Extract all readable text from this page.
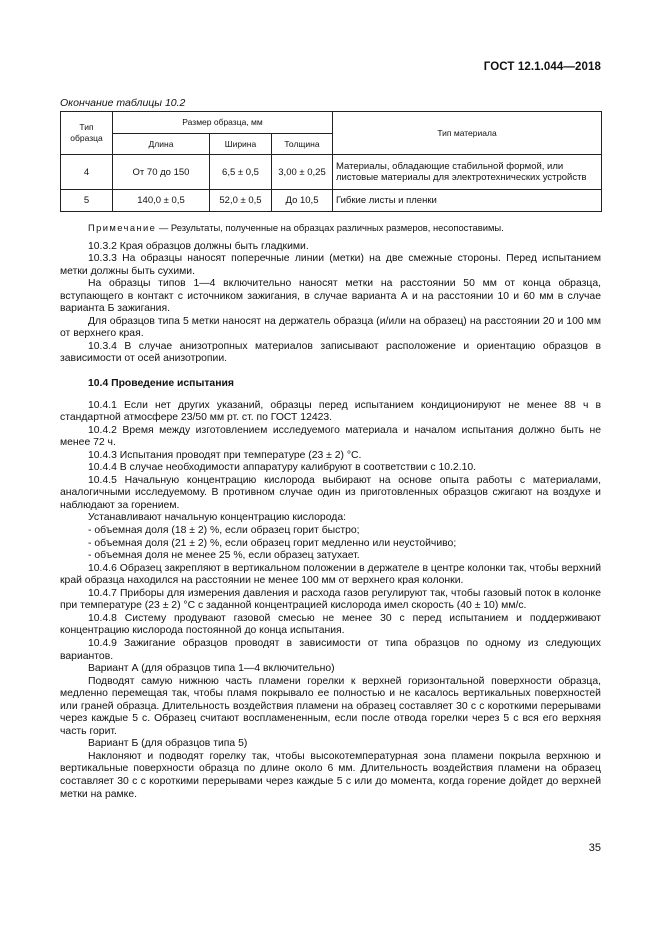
ГОСТ 12.1.044—2018
Окончание таблицы 10.2
Тип образца	Размер образца, мм			Тип материала
	Длина	Ширина	Толщина	
4	От 70 до 150	6,5 ± 0,5	3,00 ± 0,25	Материалы, обладающие стабильной формой, или листовые материалы для электротехнических устройств
5	140,0 ± 0,5	52,0 ± 0,5	До 10,5	Гибкие листы и пленки

Примечание — Результаты, полученные на образцах различных размеров, несопоставимы.

10.3.2 Края образцов должны быть гладкими.

10.3.3 На образцы наносят поперечные линии (метки) на две смежные стороны. Перед испытанием метки должны быть сухими.

На образцы типов 1—4 включительно наносят метки на расстоянии 50 мм от конца образца, вступающего в контакт с источником зажигания, в случае варианта А и на расстоянии 10 и 60 мм в случае варианта Б зажигания.

Для образцов типа 5 метки наносят на держатель образца (и/или на образец) на расстоянии 20 и 100 мм от верхнего края.

10.3.4 В случае анизотропных материалов записывают расположение и ориентацию образцов в зависимости от осей анизотропии.

10.4 Проведение испытания

10.4.1 Если нет других указаний, образцы перед испытанием кондиционируют не менее 88 ч в стандартной атмосфере 23/50 мм рт. ст. по ГОСТ 12423.

10.4.2 Время между изготовлением исследуемого материала и началом испытания должно быть не менее 72 ч.

10.4.3 Испытания проводят при температуре (23 ± 2) °С.

10.4.4 В случае необходимости аппаратуру калибруют в соответствии с 10.2.10.

10.4.5 Начальную концентрацию кислорода выбирают на основе опыта работы с материалами, аналогичными исследуемому. В противном случае один из приготовленных образцов сжигают на воздухе и наблюдают за горением.

Устанавливают начальную концентрацию кислорода:

- объемная доля (18 ± 2) %, если образец горит быстро;

- объемная доля (21 ± 2) %, если образец горит медленно или неустойчиво;

- объемная доля не менее 25 %, если образец затухает.

10.4.6 Образец закрепляют в вертикальном положении в держателе в центре колонки так, чтобы верхний край образца находился на расстоянии не менее 100 мм от верхнего края колонки.

10.4.7 Приборы для измерения давления и расхода газов регулируют так, чтобы газовый поток в колонке при температуре (23 ± 2) °С с заданной концентрацией кислорода имел скорость (40 ± 10) мм/с.

10.4.8 Систему продувают газовой смесью не менее 30 с перед испытанием и поддерживают концентрацию кислорода постоянной до конца испытания.

10.4.9 Зажигание образцов проводят в зависимости от типа образцов по одному из следующих вариантов.

Вариант А (для образцов типа 1—4 включительно)

Подводят самую нижнюю часть пламени горелки к верхней горизонтальной поверхности образца, медленно перемещая так, чтобы пламя покрывало ее полностью и не касалось вертикальных поверхностей или граней образца. Длительность воздействия пламени на образец составляет 30 с с короткими перерывами через каждые 5 с. Образец считают воспламененным, если после отвода горелки через 5 с вся его верхняя часть горит.

Вариант Б (для образцов типа 5)

Наклоняют и подводят горелку так, чтобы высокотемпературная зона пламени покрыла верхнюю и вертикальные поверхности образца по длине около 6 мм. Длительность воздействия пламени на образец составляет 30 с с короткими перерывами через каждые 5 с или до момента, когда горение дойдет до верхней метки на рамке.

35
